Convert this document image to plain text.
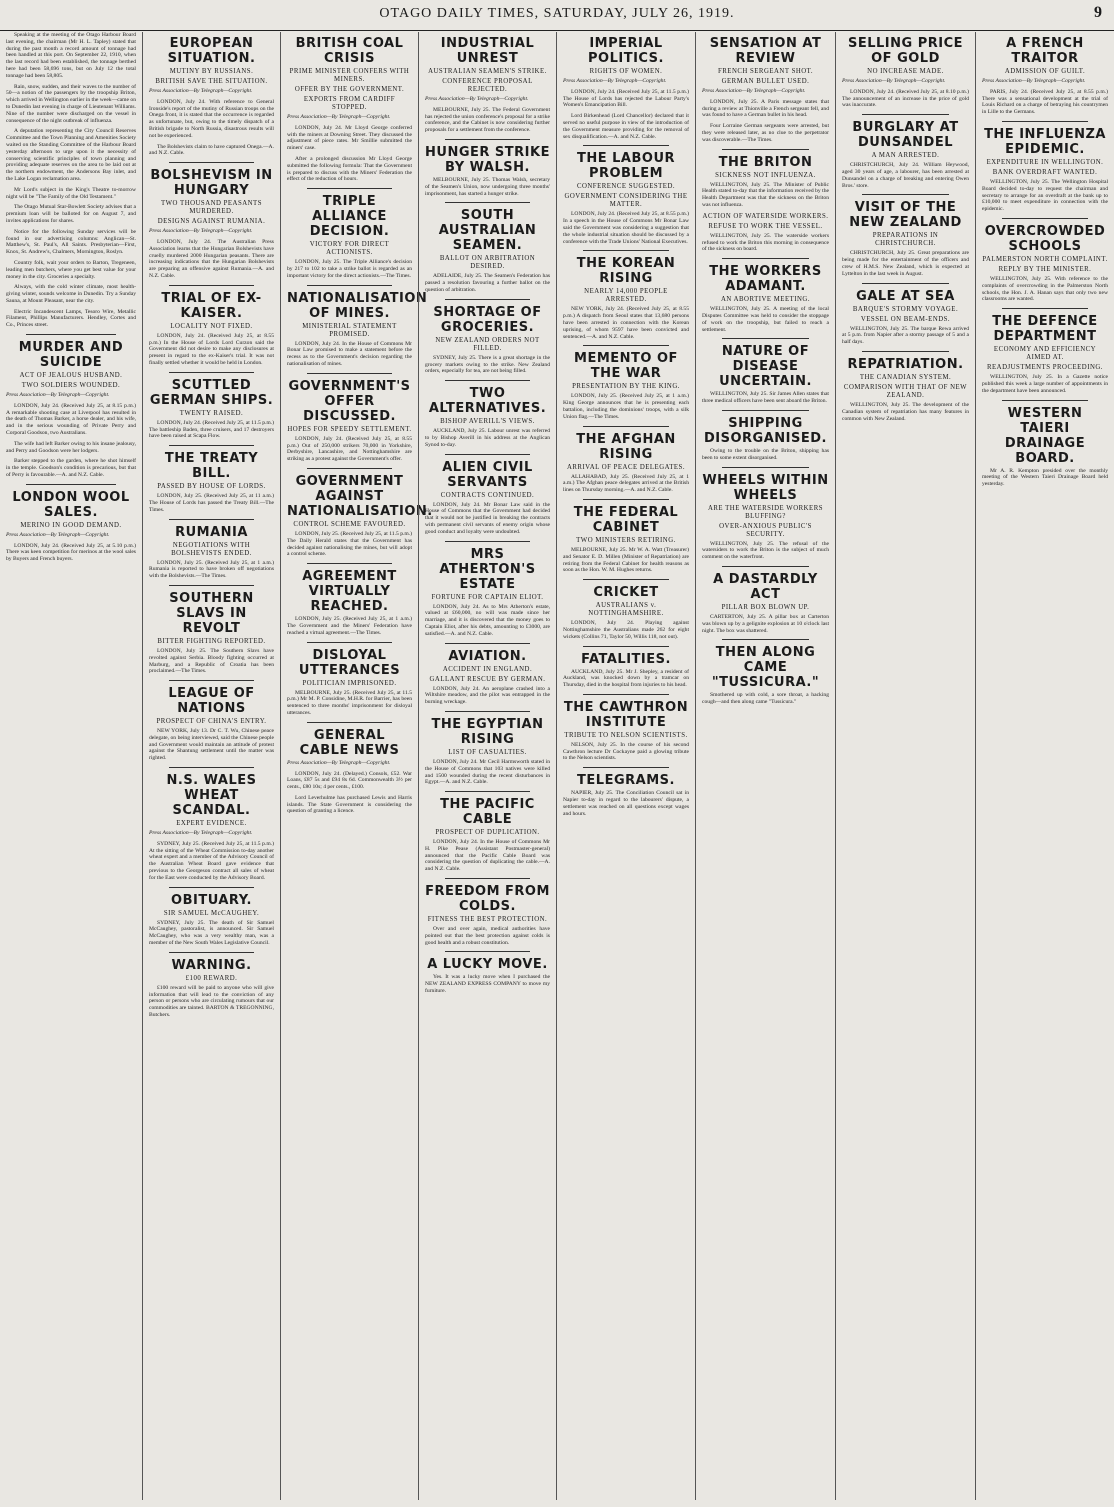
OTAGO DAILY TIMES, SATURDAY, JULY 26, 1919.	9

Speaking at the meeting of the Otago Harbour Board last evening, the chairman (Mr H. L. Tapley) stated that during the past month a record amount of tonnage had been handled at this port. On September 22, 1910, when the last record had been established, the tonnage berthed here had been 58,696 tons, but on July 12 the total tonnage had been 58,805.

Rain, snow, sudden, and their waves to the number of 50—a notion of the passengers by the troopship Briton, which arrived in Wellington earlier in the week—came on to Dunedin last evening in charge of Lieutenant Williams. Nine of the number were discharged on the vessel in consequence of the night outbreak of influenza.

A deputation representing the City Council Reserves Committee and the Town Planning and Amenities Society waited on the Standing Committee of the Harbour Board yesterday afternoon to urge upon it the necessity of conserving scientific principles of town planning and providing adequate reserves on the area to be laid out at the northern endowment, the Andersons Bay inlet, and the Lake Logan reclamation area.

Mr Lord's subject in the King's Theatre to-morrow night will be "The Family of the Old Testament."

The Otago Mutual Star-Bowlett Society advises that a premium loan will be balloted for on August 7, and invites applications for shares.

Notice for the following Sunday services will be found in our advertising columns: Anglican—St. Matthew's, St. Paul's, All Saints. Presbyterian—First, Knox, St. Andrew's, Chalmers, Mornington, Roslyn.

Country folk, wait your orders to Barton, Tregeneen, leading men butchers, where you get best value for your money in the city. Groceries a specialty.

Always, with the cold winter climate, most health-giving winter, sounds welcome in Dunedin. Try a Sunday Sauna, at Mount Pleasant, near the city.

Electric Incandescent Lamps, Tesoro Wire, Metallic Filament, Phillips Manufacturers. Hendley, Cortes and Co., Princes street.

MURDER AND SUICIDE

ACT OF JEALOUS HUSBAND.

TWO SOLDIERS WOUNDED.

Press Association—By Telegraph—Copyright.

LONDON, July 24. (Received July 25, at 8.15 p.m.) A remarkable shooting case at Liverpool has resulted in the death of Thomas Barker, a horse dealer, and his wife, and in the serious wounding of Private Perry and Corporal Goodson, two Australians.

The wife had left Barker owing to his insane jealousy, and Perry and Goodson were her lodgers.

Barker stepped to the garden, where he shot himself in the temple. Goodson's condition is precarious, but that of Perry is favourable.—A. and N.Z. Cable.

LONDON WOOL SALES.

MERINO IN GOOD DEMAND.

Press Association—By Telegraph—Copyright.

LONDON, July 24. (Received July 25, at 5.10 p.m.) There was keen competition for merinos at the wool sales by Buyers and French buyers.

EUROPEAN SITUATION.

MUTINY BY RUSSIANS.

BRITISH SAVE THE SITUATION.

Press Association—By Telegraph—Copyright.

LONDON, July 24. With reference to General Ironside's report of the mutiny of Russian troops on the Onega front, it is stated that the occurrence is regarded as unfortunate, but, owing to the timely dispatch of a British brigade to North Russia, disastrous results will not be experienced.

The Bolshevists claim to have captured Onega.—A. and N.Z. Cable.

BOLSHEVISM IN HUNGARY

TWO THOUSAND PEASANTS MURDERED.

DESIGNS AGAINST RUMANIA.

Press Association—By Telegraph—Copyright.

LONDON, July 24. The Australian Press Association learns that the Hungarian Bolshevists have cruelly murdered 2000 Hungarian peasants. There are increasing indications that the Hungarian Bolshevists are preparing an offensive against Rumania.—A. and N.Z. Cable.

TRIAL OF EX-KAISER.

LOCALITY NOT FIXED.

LONDON, July 24. (Received July 25, at 8.55 p.m.) In the House of Lords Lord Curzon said the Government did not desire to make any disclosures at present in regard to the ex-Kaiser's trial. It was not finally settled whether it would be held in London.

SCUTTLED GERMAN SHIPS.

TWENTY RAISED.

LONDON, July 24. (Received July 25, at 11.5 p.m.) The battleship Baden, three cruisers, and 17 destroyers have been raised at Scapa Flow.

THE TREATY BILL.

PASSED BY HOUSE OF LORDS.

LONDON, July 25. (Received July 25, at 11 a.m.) The House of Lords has passed the Treaty Bill.—The Times.

RUMANIA

NEGOTIATIONS WITH BOLSHEVISTS ENDED.

LONDON, July 25. (Received July 25, at 1 a.m.) Rumania is reported to have broken off negotiations with the Bolshevists.—The Times.

SOUTHERN SLAVS IN REVOLT

BITTER FIGHTING REPORTED.

LONDON, July 25. The Southern Slavs have revolted against Serbia. Bloody fighting occurred at Marburg, and a Republic of Croatia has been proclaimed.—The Times.

LEAGUE OF NATIONS

PROSPECT OF CHINA'S ENTRY.

NEW YORK, July 13. Dr C. T. Wu, Chinese peace delegate, on being interviewed, said the Chinese people and Government would maintain an attitude of protest against the Shantung settlement until the matter was righted.

N.S. WALES WHEAT SCANDAL.

EXPERT EVIDENCE.

Press Association—By Telegraph—Copyright.

SYDNEY, July 25. (Received July 25, at 11.5 p.m.) At the sitting of the Wheat Commission to-day another wheat expert and a member of the Advisory Council of the Australian Wheat Board gave evidence that previous to the Georgeson contract all sales of wheat for the East were conducted by the Advisory Board.

OBITUARY.

SIR SAMUEL McCAUGHEY.

SYDNEY, July 25. The death of Sir Samuel McCaughey, pastoralist, is announced. Sir Samuel McCaughey, who was a very wealthy man, was a member of the New South Wales Legislative Council.

WARNING.

£100 REWARD.

£100 reward will be paid to anyone who will give information that will lead to the conviction of any person or persons who are circulating rumours that our commodities are tainted. BARTON & TREGONNING, Butchers.

BRITISH COAL CRISIS

PRIME MINISTER CONFERS WITH MINERS.

OFFER BY THE GOVERNMENT.

EXPORTS FROM CARDIFF STOPPED.

Press Association—By Telegraph—Copyright.

LONDON, July 24. Mr Lloyd George conferred with the miners at Downing Street. They discussed the adjustment of piece rates. Mr Smillie submitted the miners' case.

After a prolonged discussion Mr Lloyd George submitted the following formula: That the Government is prepared to discuss with the Miners' Federation the effect of the reduction of hours.

TRIPLE ALLIANCE DECISION.

VICTORY FOR DIRECT ACTIONISTS.

LONDON, July 25. The Triple Alliance's decision by 217 to 102 to take a strike ballot is regarded as an important victory for the direct actionists.—The Times.

NATIONALISATION OF MINES.

MINISTERIAL STATEMENT PROMISED.

LONDON, July 24. In the House of Commons Mr Bonar Law promised to make a statement before the recess as to the Government's decision regarding the nationalisation of mines.

GOVERNMENT'S OFFER DISCUSSED.

HOPES FOR SPEEDY SETTLEMENT.

LONDON, July 24. (Received July 25, at 8.55 p.m.) Out of 250,000 strikers 70,000 in Yorkshire, Derbyshire, Lancashire, and Nottinghamshire are striking as a protest against the Government's offer.

GOVERNMENT AGAINST NATIONALISATION.

CONTROL SCHEME FAVOURED.

LONDON, July 25. (Received July 25, at 11.5 p.m.) The Daily Herald states that the Government has decided against nationalising the mines, but will adopt a control scheme.

AGREEMENT VIRTUALLY REACHED.

LONDON, July 25. (Received July 25, at 1 a.m.) The Government and the Miners' Federation have reached a virtual agreement.—The Times.

DISLOYAL UTTERANCES

POLITICIAN IMPRISONED.

MELBOURNE, July 25. (Received July 25, at 11.5 p.m.) Mr M. P. Considine, M.H.R. for Barrier, has been sentenced to three months' imprisonment for disloyal utterances.

GENERAL CABLE NEWS

Press Association—By Telegraph—Copyright.

LONDON, July 24. (Delayed.) Consols, £52. War Loans, £87 5s and £94 8s 6d. Commonwealth 3½ per cents., £80 10s; 4 per cents., £100.

Lord Leverhulme has purchased Lewis and Harris islands. The State Government is considering the question of granting a licence.

INDUSTRIAL UNREST

AUSTRALIAN SEAMEN'S STRIKE.

CONFERENCE PROPOSAL REJECTED.

Press Association—By Telegraph—Copyright.

MELBOURNE, July 25. The Federal Government has rejected the union conference's proposal for a strike conference, and the Cabinet is now considering further proposals for a settlement from the conference.

HUNGER STRIKE BY WALSH.

MELBOURNE, July 25. Thomas Walsh, secretary of the Seamen's Union, now undergoing three months' imprisonment, has started a hunger strike.

SOUTH AUSTRALIAN SEAMEN.

BALLOT ON ARBITRATION DESIRED.

ADELAIDE, July 25. The Seamen's Federation has passed a resolution favouring a further ballot on the question of arbitration.

SHORTAGE OF GROCERIES.

NEW ZEALAND ORDERS NOT FILLED.

SYDNEY, July 25. There is a great shortage in the grocery markets owing to the strike. New Zealand orders, especially for tea, are not being filled.

TWO ALTERNATIVES.

BISHOP AVERILL'S VIEWS.

AUCKLAND, July 25. Labour unrest was referred to by Bishop Averill in his address at the Anglican Synod to-day.

ALIEN CIVIL SERVANTS

CONTRACTS CONTINUED.

LONDON, July 24. Mr Bonar Law said in the House of Commons that the Government had decided that it would not be justified in breaking the contracts with permanent civil servants of enemy origin whose good conduct and loyalty were undoubted.

MRS ATHERTON'S ESTATE

FORTUNE FOR CAPTAIN ELIOT.

LONDON, July 24. As to Mrs Atherton's estate, valued at £60,000, no will was made since her marriage, and it is discovered that the money goes to Captain Eliot, after his debts, amounting to £3000, are satisfied.—A. and N.Z. Cable.

AVIATION.

ACCIDENT IN ENGLAND.

GALLANT RESCUE BY GERMAN.

LONDON, July 24. An aeroplane crashed into a Wiltshire meadow, and the pilot was entrapped in the burning wreckage.

THE EGYPTIAN RISING

LIST OF CASUALTIES.

LONDON, July 24. Mr Cecil Harmsworth stated in the House of Commons that 103 natives were killed and 1500 wounded during the recent disturbances in Egypt.—A. and N.Z. Cable.

THE PACIFIC CABLE

PROSPECT OF DUPLICATION.

LONDON, July 24. In the House of Commons Mr H. Pike Pease (Assistant Postmaster-general) announced that the Pacific Cable Board was considering the question of duplicating the cable.—A. and N.Z. Cable.

FREEDOM FROM COLDS.

FITNESS THE BEST PROTECTION.

Over and over again, medical authorities have pointed out that the best protection against colds is good health and a robust constitution.

A LUCKY MOVE.

Yes. It was a lucky move when I purchased the NEW ZEALAND EXPRESS COMPANY to move my furniture.

IMPERIAL POLITICS.

RIGHTS OF WOMEN.

Press Association—By Telegraph—Copyright.

LONDON, July 24. (Received July 25, at 11.5 p.m.) The House of Lords has rejected the Labour Party's Women's Emancipation Bill.

Lord Birkenhead (Lord Chancellor) declared that it served no useful purpose in view of the introduction of the Government measure providing for the removal of sex disqualification.—A. and N.Z. Cable.

THE LABOUR PROBLEM

CONFERENCE SUGGESTED.

GOVERNMENT CONSIDERING THE MATTER.

LONDON, July 24. (Received July 25, at 8.55 p.m.) In a speech in the House of Commons Mr Bonar Law said the Government was considering a suggestion that the whole industrial situation should be discussed by a conference with the Trade Unions' National Executives.

THE KOREAN RISING

NEARLY 14,000 PEOPLE ARRESTED.

NEW YORK, July 24. (Received July 25, at 8.55 p.m.) A dispatch from Seoul states that 13,680 persons have been arrested in connection with the Korean uprising, of whom 9597 have been convicted and sentenced.—A. and N.Z. Cable.

MEMENTO OF THE WAR

PRESENTATION BY THE KING.

LONDON, July 25. (Received July 25, at 1 a.m.) King George announces that he is presenting each battalion, including the dominions' troops, with a silk Union flag.—The Times.

THE AFGHAN RISING

ARRIVAL OF PEACE DELEGATES.

ALLAHABAD, July 25. (Received July 25, at 1 a.m.) The Afghan peace delegates arrived at the British lines on Thursday morning.—A. and N.Z. Cable.

THE FEDERAL CABINET

TWO MINISTERS RETIRING.

MELBOURNE, July 25. Mr W. A. Watt (Treasurer) and Senator E. D. Millen (Minister of Repatriation) are retiring from the Federal Cabinet for health reasons as soon as the Hon. W. M. Hughes returns.

CRICKET

AUSTRALIANS v. NOTTINGHAMSHIRE.

LONDON, July 24. Playing against Nottinghamshire the Australians made 262 for eight wickets (Collins 71, Taylor 50, Willis 118, not out).

FATALITIES.

AUCKLAND, July 25. Mr J. Shepley, a resident of Auckland, was knocked down by a tramcar on Thursday, died in the hospital from injuries to his head.

THE CAWTHRON INSTITUTE

TRIBUTE TO NELSON SCIENTISTS.

NELSON, July 25. In the course of his second Cawthron lecture Dr Cockayne paid a glowing tribute to the Nelson scientists.

TELEGRAMS.

NAPIER, July 25. The Conciliation Council sat in Napier to-day in regard to the labourers' dispute, a settlement was reached on all questions except wages and hours.

SENSATION AT REVIEW

FRENCH SERGEANT SHOT.

GERMAN BULLET USED.

Press Association—By Telegraph—Copyright.

LONDON, July 25. A Paris message states that during a review at Thionville a French sergeant fell, and was found to have a German bullet in his head.

Four Lorraine German sergeants were arrested, but they were released later, as no clue to the perpetrator was discoverable.—The Times.

THE BRITON

SICKNESS NOT INFLUENZA.

WELLINGTON, July 25. The Minister of Public Health stated to-day that the information received by the Health Department was that the sickness on the Briton was not influenza.

ACTION OF WATERSIDE WORKERS.

REFUSE TO WORK THE VESSEL.

WELLINGTON, July 25. The waterside workers refused to work the Briton this morning in consequence of the sickness on board.

THE WORKERS ADAMANT.

AN ABORTIVE MEETING.

WELLINGTON, July 25. A meeting of the local Disputes Committee was held to consider the stoppage of work on the troopship, but failed to reach a settlement.

NATURE OF DISEASE UNCERTAIN.

WELLINGTON, July 25. Sir James Allen states that three medical officers have been sent aboard the Briton.

SHIPPING DISORGANISED.

Owing to the trouble on the Briton, shipping has been to some extent disorganised.

WHEELS WITHIN WHEELS

ARE THE WATERSIDE WORKERS BLUFFING?

OVER-ANXIOUS PUBLIC'S SECURITY.

WELLINGTON, July 25. The refusal of the watersiders to work the Briton is the subject of much comment on the waterfront.

A DASTARDLY ACT

PILLAR BOX BLOWN UP.

CARTERTON, July 25. A pillar box at Carterton was blown up by a gelignite explosion at 10 o'clock last night. The box was shattered.

THEN ALONG CAME "TUSSICURA."

Smothered up with cold, a sore throat, a hacking cough—and then along came "Tussicura."

SELLING PRICE OF GOLD

NO INCREASE MADE.

Press Association—By Telegraph—Copyright.

LONDON, July 24. (Received July 25, at 8.10 p.m.) The announcement of an increase in the price of gold was inaccurate.

BURGLARY AT DUNSANDEL

A MAN ARRESTED.

CHRISTCHURCH, July 24. William Heywood, aged 30 years of age, a labourer, has been arrested at Dunsandel on a charge of breaking and entering Owen Bros.' store.

VISIT OF THE NEW ZEALAND

PREPARATIONS IN CHRISTCHURCH.

CHRISTCHURCH, July 25. Great preparations are being made for the entertainment of the officers and crew of H.M.S. New Zealand, which is expected at Lyttelton in the last week in August.

GALE AT SEA

BARQUE'S STORMY VOYAGE.

VESSEL ON BEAM-ENDS.

WELLINGTON, July 25. The barque Rewa arrived at 5 p.m. from Napier after a stormy passage of 5 and a half days.

REPATRIATION.

THE CANADIAN SYSTEM.

COMPARISON WITH THAT OF NEW ZEALAND.

WELLINGTON, July 25. The development of the Canadian system of repatriation has many features in common with New Zealand.

A FRENCH TRAITOR

ADMISSION OF GUILT.

Press Association—By Telegraph—Copyright.

PARIS, July 24. (Received July 25, at 8.55 p.m.) There was a sensational development at the trial of Louis Richard on a charge of betraying his countrymen in Lille to the Germans.

THE INFLUENZA EPIDEMIC.

EXPENDITURE IN WELLINGTON.

BANK OVERDRAFT WANTED.

WELLINGTON, July 25. The Wellington Hospital Board decided to-day to request the chairman and secretary to arrange for an overdraft at the bank up to £10,000 to meet expenditure in connection with the epidemic.

OVERCROWDED SCHOOLS

PALMERSTON NORTH COMPLAINT.

REPLY BY THE MINISTER.

WELLINGTON, July 25. With reference to the complaints of overcrowding in the Palmerston North schools, the Hon. J. A. Hanan says that only two new classrooms are wanted.

THE DEFENCE DEPARTMENT

ECONOMY AND EFFICIENCY AIMED AT.

READJUSTMENTS PROCEEDING.

WELLINGTON, July 25. In a Gazette notice published this week a large number of appointments in the department have been announced.

WESTERN TAIERI DRAINAGE BOARD.

Mr A. R. Kempton presided over the monthly meeting of the Western Taieri Drainage Board held yesterday.
